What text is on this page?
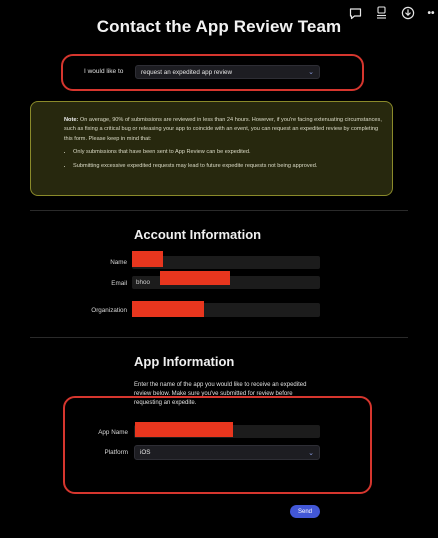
••
Contact the App Review Team
I would like to	request an expedited app review	⌄
Note: On average, 90% of submissions are reviewed in less than 24 hours. However, if you're facing extenuating circumstances, such as fixing a critical bug or releasing your app to coincide with an event, you can request an expedited review by completing this form. Please keep in mind that:
• Only submissions that have been sent to App Review can be expedited.
• Submitting excessive expedited requests may lead to future expedite requests not being approved.
Account Information
Name
Email bhoo
Organization
App Information
Enter the name of the app you would like to receive an expedited review below. Make sure you've submitted for review before requesting an expedite.
App Name
Platform iOS	⌄
Send
